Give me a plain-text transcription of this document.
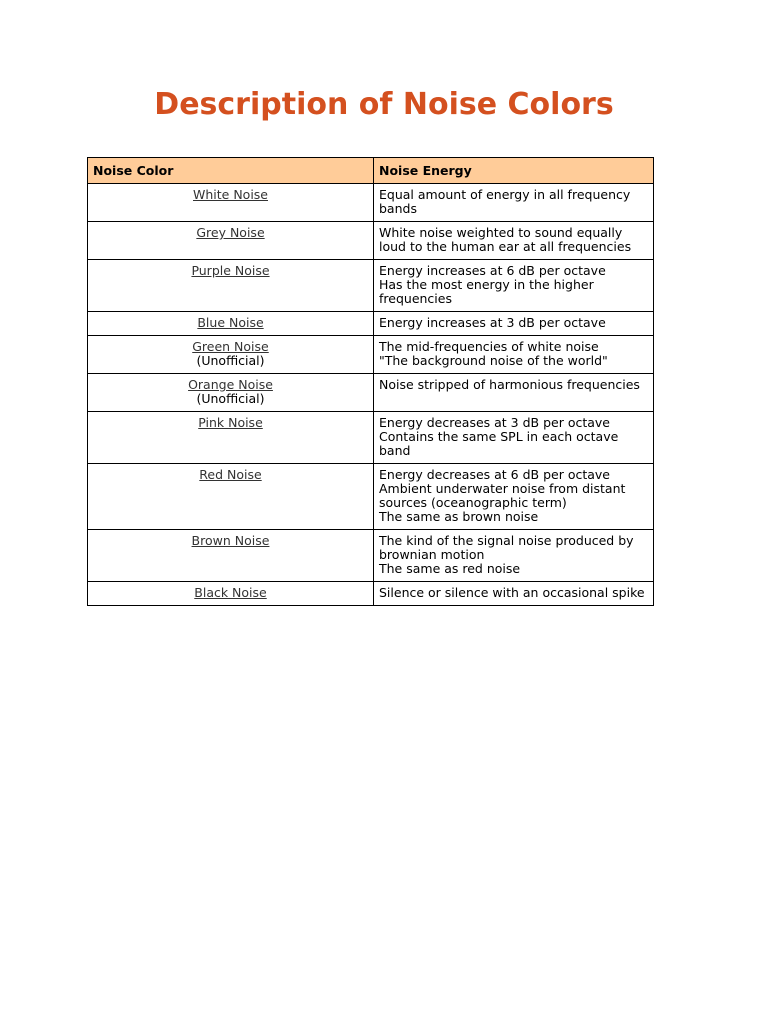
Description of Noise Colors
Noise Color	Noise Energy

White Noise	Equal amount of energy in all frequency bands

Grey Noise	White noise weighted to sound equally loud to the human ear at all frequencies

Purple Noise	Energy increases at 6 dB per octave
Has the most energy in the higher frequencies

Blue Noise	Energy increases at 3 dB per octave

Green Noise
(Unofficial)	The mid-frequencies of white noise
"The background noise of the world"

Orange Noise
(Unofficial)	Noise stripped of harmonious frequencies

Pink Noise	Energy decreases at 3 dB per octave
Contains the same SPL in each octave band

Red Noise	Energy decreases at 6 dB per octave
Ambient underwater noise from distant sources (oceanographic term)
The same as brown noise

Brown Noise	The kind of the signal noise produced by brownian motion
The same as red noise

Black Noise	Silence or silence with an occasional spike
